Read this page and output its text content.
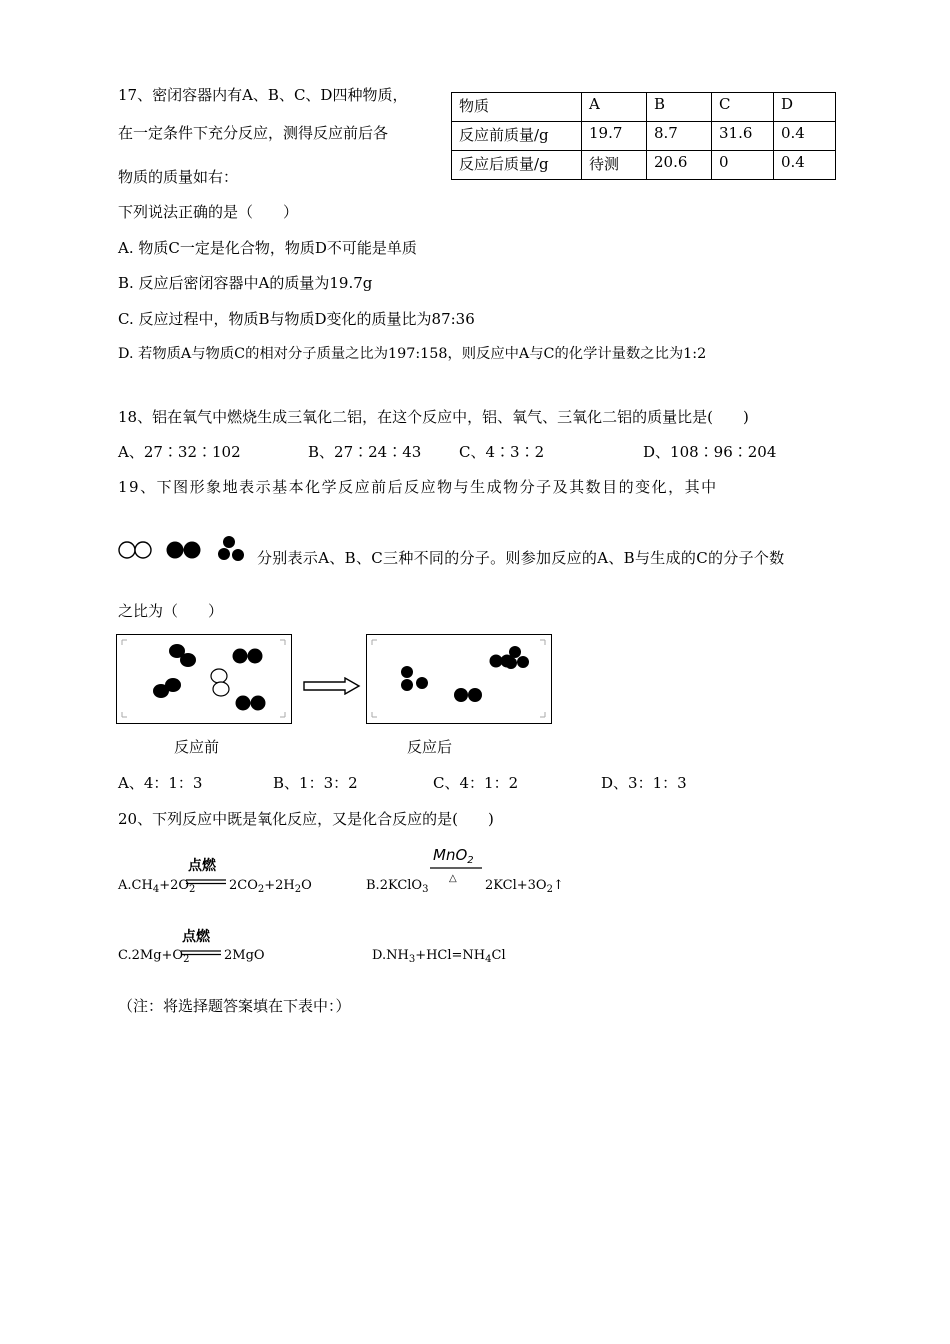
17、密闭容器内有A、B、C、D四种物质，
在一定条件下充分反应，测得反应前后各
物质的质量如右：
物质	A	B	C	D
反应前质量/g	19.7	8.7	31.6	0.4
反应后质量/g	待测	20.6	0	0.4
下列说法正确的是（　　）
A. 物质C一定是化合物，物质D不可能是单质
B. 反应后密闭容器中A的质量为19.7g
C. 反应过程中，物质B与物质D变化的质量比为87:36
D. 若物质A与物质C的相对分子质量之比为197:158，则反应中A与C的化学计量数之比为1:2
18、铝在氧气中燃烧生成三氧化二铝，在这个反应中，铝、氧气、三氧化二铝的质量比是(　　)
A、27∶32∶102	B、27∶24∶43	C、4∶3∶2	D、108∶96∶204
19、下图形象地表示基本化学反应前后反应物与生成物分子及其数目的变化，其中
分别表示A、B、C三种不同的分子。则参加反应的A、B与生成的C的分子个数
之比为（　　）
反应前	反应后
A、4：1：3	B、1：3：2	C、4：1：2	D、3：1：3
20、下列反应中既是氧化反应，又是化合反应的是(　　)
$A.CH_4+2O_2$
点燃
$2CO_2+2H_2O$	B.2KClO$_3$
MnO$_2$
△ $2KCl+3O_2↑$
$C.2Mg+O_2$
点燃
2MgO	$D.NH_3+HCl=NH_4Cl$
（注：将选择题答案填在下表中：）
